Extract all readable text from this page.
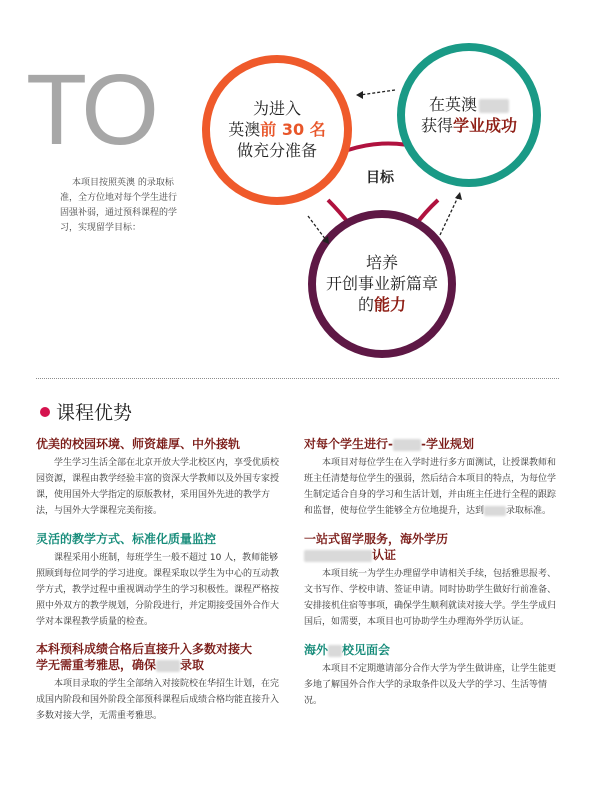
TO
本项目按照英澳 的录取标准，全方位地对每个学生进行固强补弱，通过预科课程的学习，实现留学目标：
为进入
英澳前 30 名
做充分准备
在英澳
获得学业成功
培养
开创事业新篇章
的能力
目标
课程优势
优美的校园环境、师资雄厚、中外接轨
学生学习生活全部在北京开放大学北校区内，享受优质校园资源，课程由教学经验丰富的资深大学教师以及外国专家授课，使用国外大学指定的原版教材，采用国外先进的教学方法，与国外大学课程完美衔接。
灵活的教学方式、标准化质量监控
课程采用小班制，每班学生一般不超过 10 人，教师能够照顾到每位同学的学习进度。课程采取以学生为中心的互动教学方式，教学过程中重视调动学生的学习积极性。课程严格按照中外双方的教学规划，分阶段进行，并定期接受国外合作大学对本课程教学质量的检查。
本科预科成绩合格后直接升入多数对接大
学无需重考雅思，确保 录取
本项目录取的学生全部纳入对接院校在华招生计划，在完成国内阶段和国外阶段全部预科课程后成绩合格均能直接升入多数对接大学，无需重考雅思。
对每个学生进行- -学业规划
本项目对每位学生在入学时进行多方面测试，让授课教师和班主任清楚每位学生的强弱，然后结合本项目的特点，为每位学生制定适合自身的学习和生活计划，并由班主任进行全程的跟踪和监督，使每位学生能够全方位地提升，达到 录取标准。
一站式留学服务，海外学历
认证
本项目统一为学生办理留学申请相关手续，包括雅思报考、文书写作、学校申请、签证申请。同时协助学生做好行前准备、安排接机住宿等事项，确保学生顺利就读对接大学。学生学成归国后，如需要，本项目也可协助学生办理海外学历认证。
海外 校见面会
本项目不定期邀请部分合作大学为学生做讲座，让学生能更多地了解国外合作大学的录取条件以及大学的学习、生活等情况。
